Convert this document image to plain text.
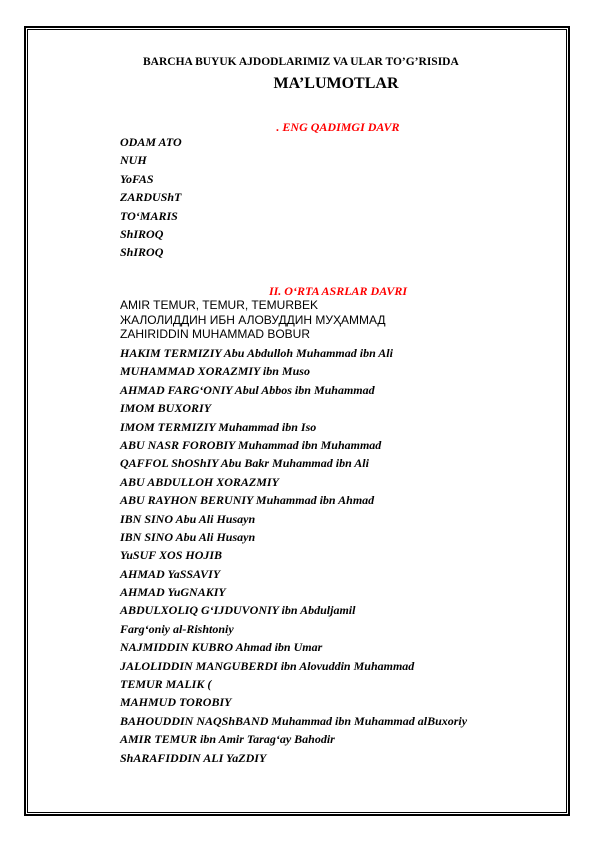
BARCHA BUYUK AJDODLARIMIZ VA ULAR TO’G’RISIDA
MA’LUMOTLAR
. ENG QADIMGI DAVR
ODAM ATO
NUH
YoFAS
ZARDUShT
TO‘MARIS
ShIROQ
ShIROQ
II. O‘RTA ASRLAR DAVRI
AMIR TEMUR, TEMUR, TEMURBEK
ЖАЛОЛИДДИН ИБН АЛОВУДДИН МУҲАММАД
ZAHIRIDDIN MUHAMMAD BOBUR
HAKIM TERMIZIY Abu Abdulloh Muhammad ibn Ali
MUHAMMAD XORAZMIY ibn Muso
AHMAD FARG‘ONIY Abul Abbos ibn Muhammad
IMOM BUXORIY
IMOM TERMIZIY Muhammad ibn Iso
ABU NASR FOROBIY Muhammad ibn Muhammad
QAFFOL ShOShIY Abu Bakr Muhammad ibn Ali
ABU ABDULLOH XORAZMIY
ABU RAYHON BERUNIY Muhammad ibn Ahmad
IBN SINO Abu Ali Husayn
IBN SINO Abu Ali Husayn
YuSUF XOS HOJIB
AHMAD YaSSAVIY
AHMAD YuGNAKIY
ABDULXOLIQ G‘IJDUVONIY ibn Abduljamil
Farg‘oniy al-Rishtoniy
NAJMIDDIN KUBRO Ahmad ibn Umar
JALOLIDDIN MANGUBERDI ibn Alovuddin Muhammad
TEMUR MALIK (
MAHMUD TOROBIY
BAHOUDDIN NAQShBAND Muhammad ibn Muhammad alBuxoriy
AMIR TEMUR ibn Amir Tarag‘ay Bahodir
ShARAFIDDIN ALI YaZDIY
